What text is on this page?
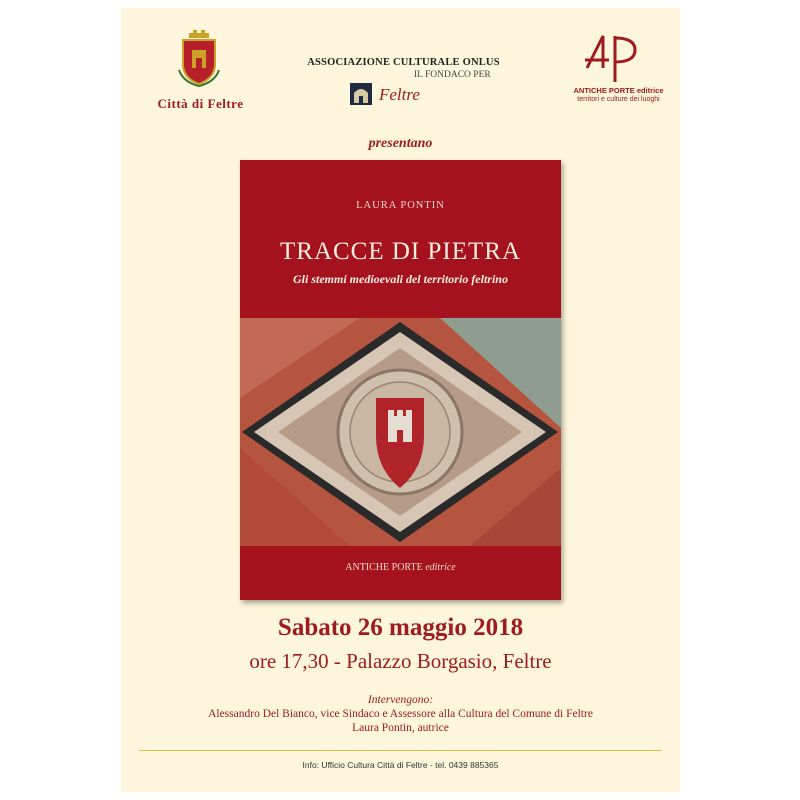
Città di Feltre
ASSOCIAZIONE CULTURALE ONLUS
IL FONDACO PER
Feltre	ANTICHE PORTE editrice
territori e culture dei luoghi
presentano
LAURA PONTIN
TRACCE DI PIETRA
Gli stemmi medioevali del territorio feltrino
ANTICHE PORTE editrice
Sabato 26 maggio 2018
ore 17,30 - Palazzo Borgasio, Feltre
Intervengono:
Alessandro Del Bianco, vice Sindaco e Assessore alla Cultura del Comune di Feltre
Laura Pontin, autrice
Info: Ufficio Cultura Città di Feltre - tel. 0439 885365
